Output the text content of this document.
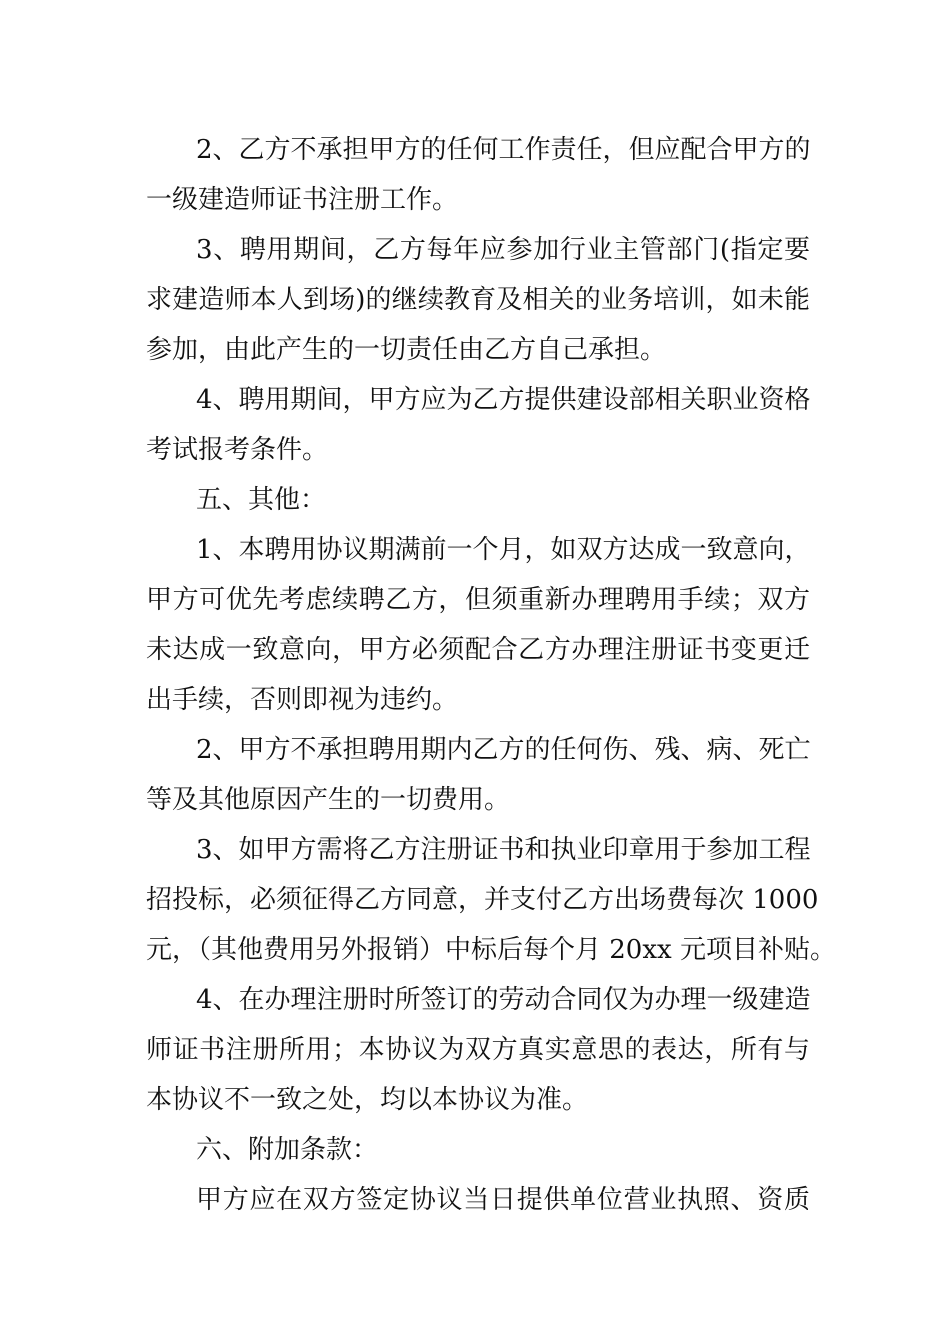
2、乙方不承担甲方的任何工作责任，但应配合甲方的
一级建造师证书注册工作。
3、聘用期间，乙方每年应参加行业主管部门(指定要
求建造师本人到场)的继续教育及相关的业务培训，如未能
参加，由此产生的一切责任由乙方自己承担。
4、聘用期间，甲方应为乙方提供建设部相关职业资格
考试报考条件。
五、其他：
1、本聘用协议期满前一个月，如双方达成一致意向，
甲方可优先考虑续聘乙方，但须重新办理聘用手续；双方
未达成一致意向，甲方必须配合乙方办理注册证书变更迁
出手续，否则即视为违约。
2、甲方不承担聘用期内乙方的任何伤、残、病、死亡
等及其他原因产生的一切费用。
3、如甲方需将乙方注册证书和执业印章用于参加工程
招投标，必须征得乙方同意，并支付乙方出场费每次 1000
元，（其他费用另外报销）中标后每个月 20xx 元项目补贴。
4、在办理注册时所签订的劳动合同仅为办理一级建造
师证书注册所用；本协议为双方真实意思的表达，所有与
本协议不一致之处，均以本协议为准。
六、附加条款：
甲方应在双方签定协议当日提供单位营业执照、资质
